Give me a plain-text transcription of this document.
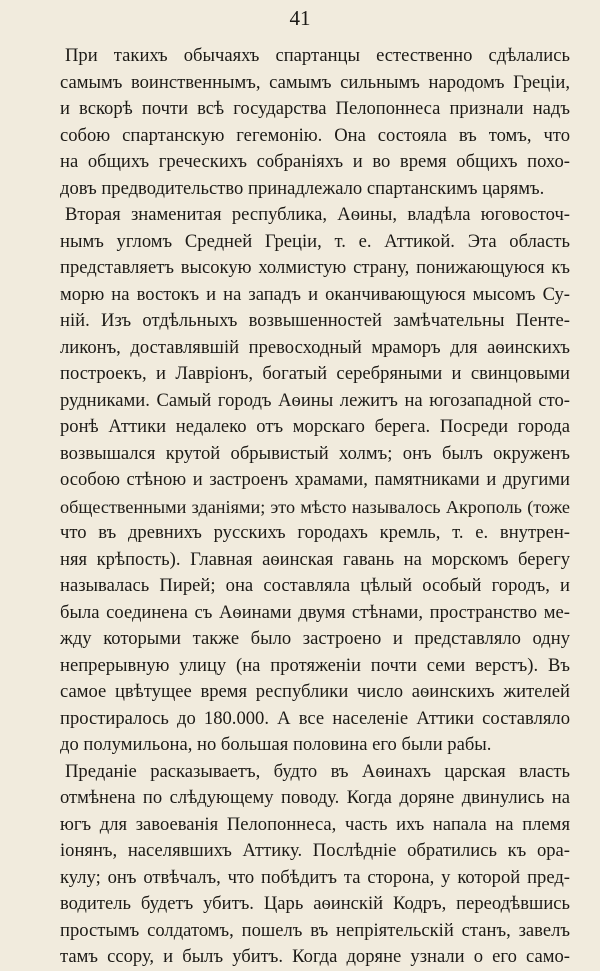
41
При такихъ обычаяхъ спартанцы естественно сдѣлались
самымъ воинственнымъ, самымъ сильнымъ народомъ Грецiи,
и вскорѣ почти всѣ государства Пелопоннеса признали надъ
собою спартанскую гегемонiю. Она состояла въ томъ, что
на общихъ греческихъ собранiяхъ и во время общихъ похо-
довъ предводительство принадлежало спартанскимъ царямъ.
Вторая знаменитая республика, Аѳины, владѣла юговосточ-
нымъ угломъ Средней Грецiи, т. е. Аттикой. Эта область
представляетъ высокую холмистую страну, понижающуюся къ
морю на востокъ и на западъ и оканчивающуюся мысомъ Су-
нiй. Изъ отдѣльныхъ возвышенностей замѣчательны Пенте-
ликонъ, доставлявшiй превосходный мраморъ для аѳинскихъ
построекъ, и Лаврiонъ, богатый серебряными и свинцовыми
рудниками. Самый городъ Аѳины лежитъ на югозападной сто-
ронѣ Аттики недалеко отъ морскаго берега. Посреди города
возвышался крутой обрывистый холмъ; онъ былъ окруженъ
особою стѣною и застроенъ храмами, памятниками и другими
общественными зданiями; это мѣсто называлось Акрополь (тоже
что въ древнихъ русскихъ городахъ кремль, т. е. внутрен-
няя крѣпость). Главная аѳинская гавань на морскомъ берегу
называлась Пирей; она составляла цѣлый особый городъ, и
была соединена съ Аѳинами двумя стѣнами, пространство ме-
жду которыми также было застроено и представляло одну
непрерывную улицу (на протяженiи почти семи верстъ). Въ
самое цвѣтущее время республики число аѳинскихъ жителей
простиралось до 180.000. А все населенiе Аттики составляло
до полумильона, но большая половина его были рабы.
Преданiе расказываетъ, будто въ Аѳинахъ царская власть
отмѣнена по слѣдующему поводу. Когда доряне двинулись на
югъ для завоеванiя Пелопоннеса, часть ихъ напала на племя
iонянъ, населявшихъ Аттику. Послѣднiе обратились къ ора-
кулу; онъ отвѣчалъ, что побѣдитъ та сторона, у которой пред-
водитель будетъ убитъ. Царь аѳинскiй Кодръ, переодѣвшись
простымъ солдатомъ, пошелъ въ непрiятельскiй станъ, завелъ
тамъ ссору, и былъ убитъ. Когда доряне узнали о его само-
